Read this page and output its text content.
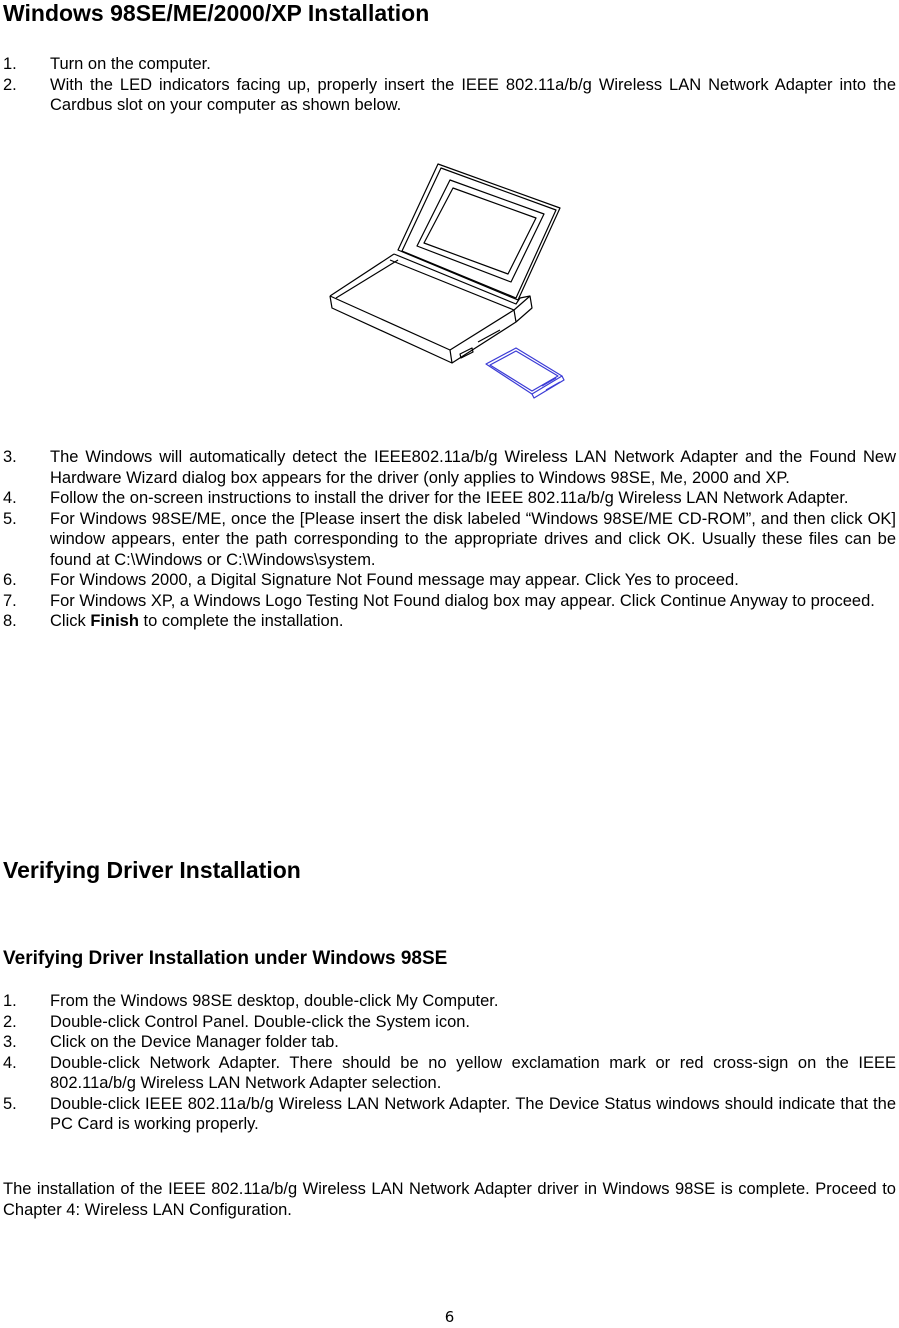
Windows 98SE/ME/2000/XP Installation
1.	Turn on the computer.
2.	With the LED indicators facing up, properly insert the IEEE 802.11a/b/g Wireless LAN Network Adapter into the Cardbus slot on your computer as shown below.
3.	The Windows will automatically detect the IEEE802.11a/b/g Wireless LAN Network Adapter and the Found New Hardware Wizard dialog box appears for the driver (only applies to Windows 98SE, Me, 2000 and XP.
4.	Follow the on-screen instructions to install the driver for the IEEE 802.11a/b/g Wireless LAN Network Adapter.
5.	For Windows 98SE/ME, once the [Please insert the disk labeled “Windows 98SE/ME CD-ROM”, and then click OK] window appears, enter the path corresponding to the appropriate drives and click OK. Usually these files can be found at C:\Windows or C:\Windows\system.
6.	For Windows 2000, a Digital Signature Not Found message may appear. Click Yes to proceed.
7.	For Windows XP, a Windows Logo Testing Not Found dialog box may appear. Click Continue Anyway to proceed.
8.	Click Finish to complete the installation.
Verifying Driver Installation
Verifying Driver Installation under Windows 98SE
1.	From the Windows 98SE desktop, double-click My Computer.
2.	Double-click Control Panel. Double-click the System icon.
3.	Click on the Device Manager folder tab.
4.	Double-click Network Adapter. There should be no yellow exclamation mark or red cross-sign on the IEEE 802.11a/b/g Wireless LAN Network Adapter selection.
5.	Double-click IEEE 802.11a/b/g Wireless LAN Network Adapter. The Device Status windows should indicate that the PC Card is working properly.

The installation of the IEEE 802.11a/b/g Wireless LAN Network Adapter driver in Windows 98SE is complete. Proceed to Chapter 4: Wireless LAN Configuration.

6
